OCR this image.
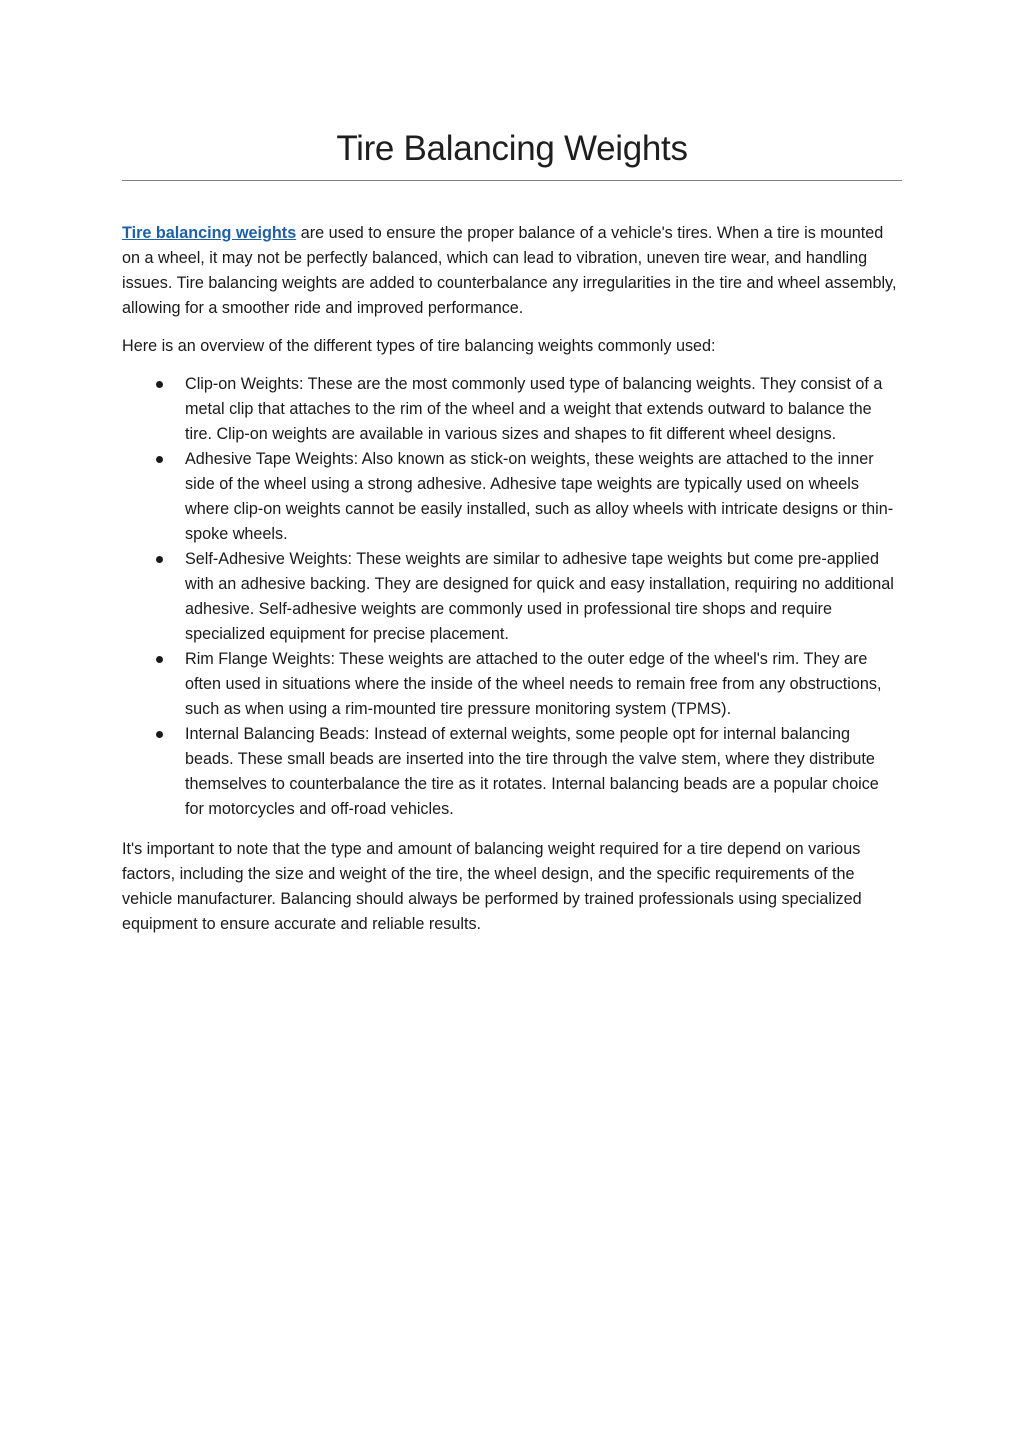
Tire Balancing Weights

Tire balancing weights are used to ensure the proper balance of a vehicle's tires. When a tire is mounted on a wheel, it may not be perfectly balanced, which can lead to vibration, uneven tire wear, and handling issues. Tire balancing weights are added to counterbalance any irregularities in the tire and wheel assembly, allowing for a smoother ride and improved performance.

Here is an overview of the different types of tire balancing weights commonly used:

Clip-on Weights: These are the most commonly used type of balancing weights. They consist of a metal clip that attaches to the rim of the wheel and a weight that extends outward to balance the tire. Clip-on weights are available in various sizes and shapes to fit different wheel designs.
Adhesive Tape Weights: Also known as stick-on weights, these weights are attached to the inner side of the wheel using a strong adhesive. Adhesive tape weights are typically used on wheels where clip-on weights cannot be easily installed, such as alloy wheels with intricate designs or thin-spoke wheels.
Self-Adhesive Weights: These weights are similar to adhesive tape weights but come pre-applied with an adhesive backing. They are designed for quick and easy installation, requiring no additional adhesive. Self-adhesive weights are commonly used in professional tire shops and require specialized equipment for precise placement.
Rim Flange Weights: These weights are attached to the outer edge of the wheel's rim. They are often used in situations where the inside of the wheel needs to remain free from any obstructions, such as when using a rim-mounted tire pressure monitoring system (TPMS).
Internal Balancing Beads: Instead of external weights, some people opt for internal balancing beads. These small beads are inserted into the tire through the valve stem, where they distribute themselves to counterbalance the tire as it rotates. Internal balancing beads are a popular choice for motorcycles and off-road vehicles.

It's important to note that the type and amount of balancing weight required for a tire depend on various factors, including the size and weight of the tire, the wheel design, and the specific requirements of the vehicle manufacturer. Balancing should always be performed by trained professionals using specialized equipment to ensure accurate and reliable results.
